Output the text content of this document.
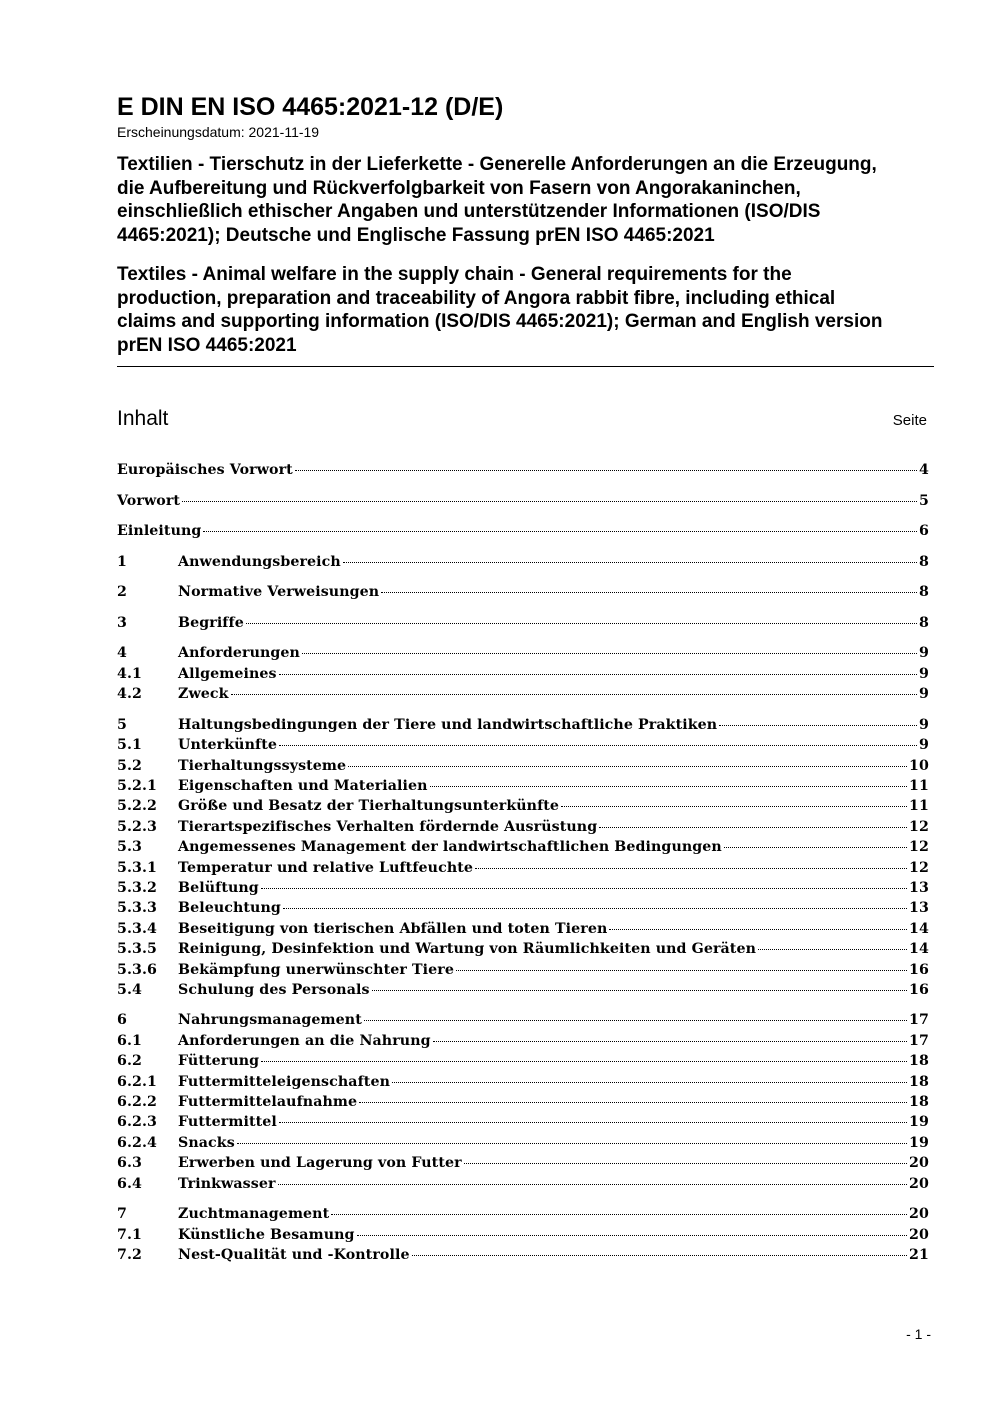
E DIN EN ISO 4465:2021-12 (D/E)
Erscheinungsdatum: 2021-11-19
Textilien - Tierschutz in der Lieferkette - Generelle Anforderungen an die Erzeugung,
die Aufbereitung und Rückverfolgbarkeit von Fasern von Angorakaninchen,
einschließlich ethischer Angaben und unterstützender Informationen (ISO/DIS
4465:2021); Deutsche und Englische Fassung prEN ISO 4465:2021
Textiles - Animal welfare in the supply chain - General requirements for the
production, preparation and traceability of Angora rabbit fibre, including ethical
claims and supporting information (ISO/DIS 4465:2021); German and English version
prEN ISO 4465:2021
Inhalt	Seite
Europäisches Vorwort	4
Vorwort	5
Einleitung	6
1	Anwendungsbereich	8
2	Normative Verweisungen	8
3	Begriffe	8
4	Anforderungen	9
4.1	Allgemeines	9
4.2	Zweck	9
5	Haltungsbedingungen der Tiere und landwirtschaftliche Praktiken	9
5.1	Unterkünfte	9
5.2	Tierhaltungssysteme	10
5.2.1	Eigenschaften und Materialien	11
5.2.2	Größe und Besatz der Tierhaltungsunterkünfte	11
5.2.3	Tierartspezifisches Verhalten fördernde Ausrüstung	12
5.3	Angemessenes Management der landwirtschaftlichen Bedingungen	12
5.3.1	Temperatur und relative Luftfeuchte	12
5.3.2	Belüftung	13
5.3.3	Beleuchtung	13
5.3.4	Beseitigung von tierischen Abfällen und toten Tieren	14
5.3.5	Reinigung, Desinfektion und Wartung von Räumlichkeiten und Geräten	14
5.3.6	Bekämpfung unerwünschter Tiere	16
5.4	Schulung des Personals	16
6	Nahrungsmanagement	17
6.1	Anforderungen an die Nahrung	17
6.2	Fütterung	18
6.2.1	Futtermitteleigenschaften	18
6.2.2	Futtermittelaufnahme	18
6.2.3	Futtermittel	19
6.2.4	Snacks	19
6.3	Erwerben und Lagerung von Futter	20
6.4	Trinkwasser	20
7	Zuchtmanagement	20
7.1	Künstliche Besamung	20
7.2	Nest-Qualität und -Kontrolle	21
- 1 -
